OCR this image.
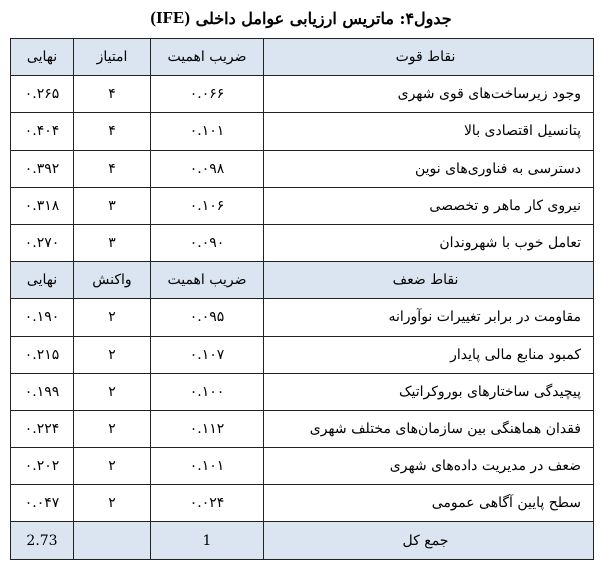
جدول۴: ماتریس ارزیابی عوامل داخلی

(IFE)
نقاط قوت	ضریب اهمیت	امتیاز	نهایی
وجود زیرساخت‌های قوی شهری	۰.۰۶۶	۴	۰.۲۶۵
پتانسیل اقتصادی بالا	۰.۱۰۱	۴	۰.۴۰۴
دسترسی به فناوری‌های نوین	۰.۰۹۸	۴	۰.۳۹۲
نیروی کار ماهر و تخصصی	۰.۱۰۶	۳	۰.۳۱۸
تعامل خوب با شهروندان	۰.۰۹۰	۳	۰.۲۷۰
نقاط ضعف	ضریب اهمیت	واکنش	نهایی
مقاومت در برابر تغییرات نوآورانه	۰.۰۹۵	۲	۰.۱۹۰
کمبود منابع مالی پایدار	۰.۱۰۷	۲	۰.۲۱۵
پیچیدگی ساختارهای بوروکراتیک	۰.۱۰۰	۲	۰.۱۹۹
فقدان هماهنگی بین سازمان‌های مختلف شهری	۰.۱۱۲	۲	۰.۲۲۴
ضعف در مدیریت داده‌های شهری	۰.۱۰۱	۲	۰.۲۰۲
سطح پایین آگاهی عمومی	۰.۰۲۴	۲	۰.۰۴۷
جمع کل	1		2.73
